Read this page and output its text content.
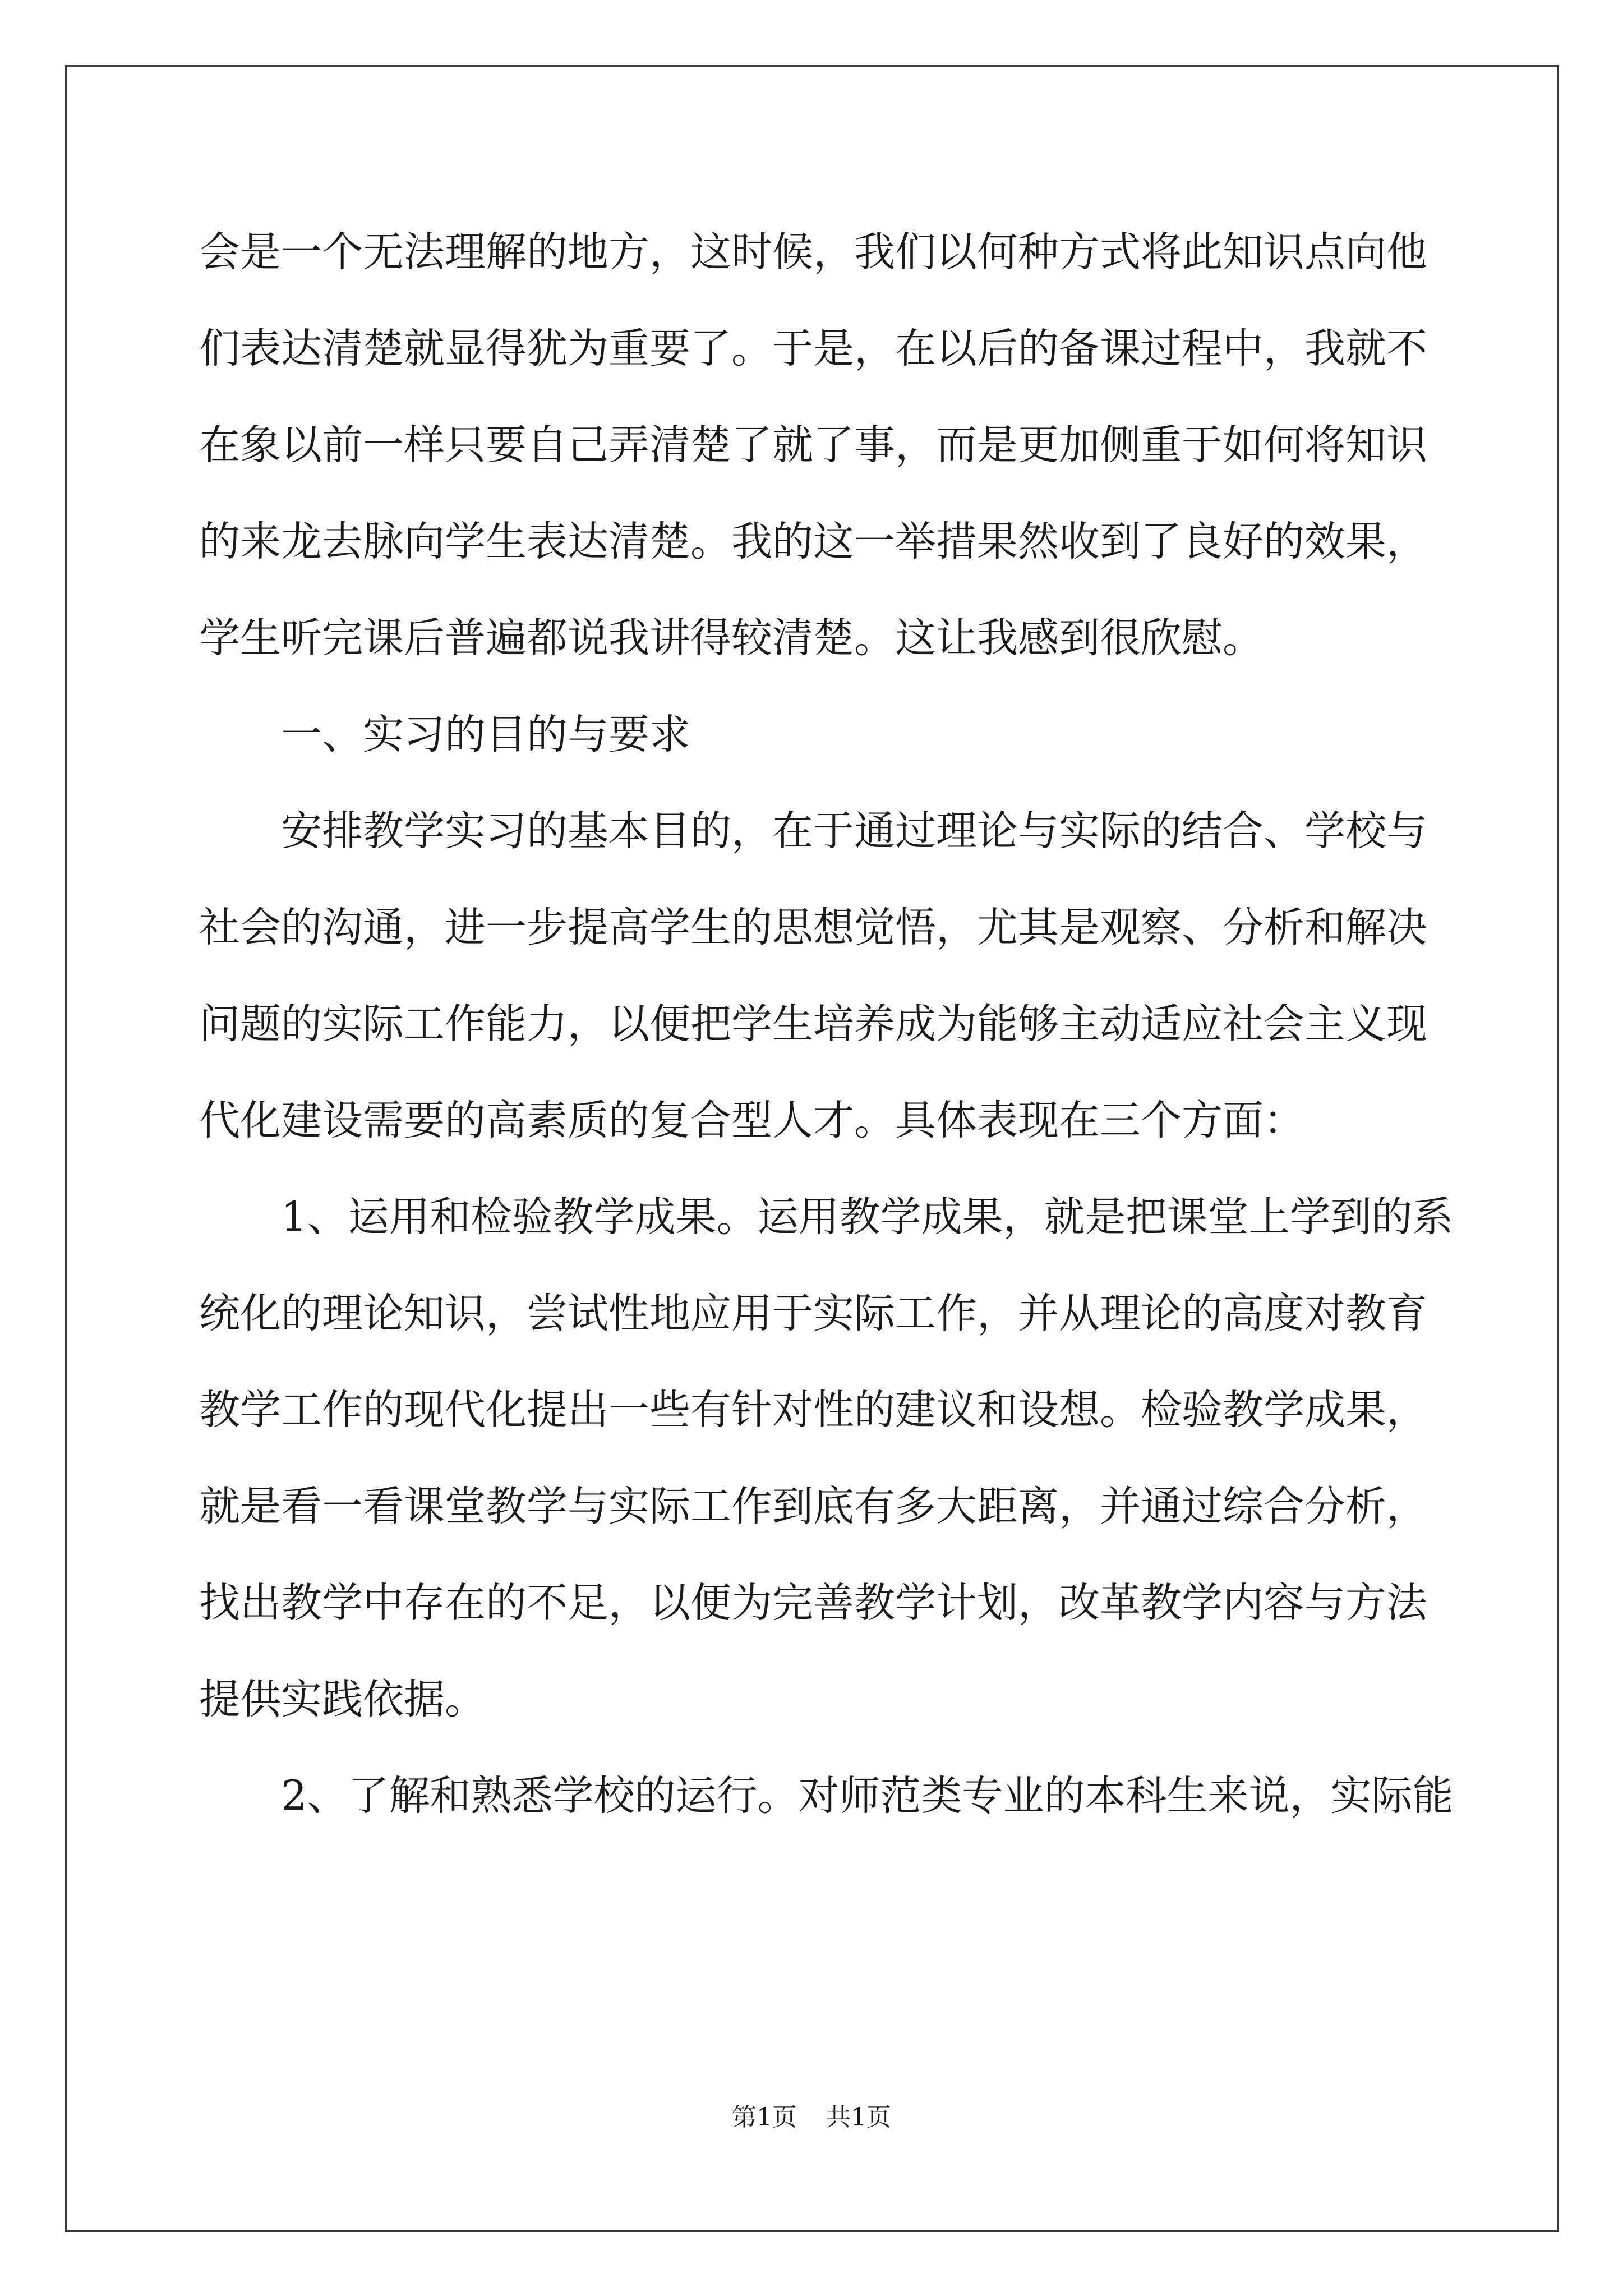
会是一个无法理解的地方，这时候，我们以何种方式将此知识点向他
们表达清楚就显得犹为重要了。于是，在以后的备课过程中，我就不
在象以前一样只要自己弄清楚了就了事，而是更加侧重于如何将知识
的来龙去脉向学生表达清楚。我的这一举措果然收到了良好的效果，
学生听完课后普遍都说我讲得较清楚。这让我感到很欣慰。
一、实习的目的与要求
安排教学实习的基本目的，在于通过理论与实际的结合、学校与
社会的沟通，进一步提高学生的思想觉悟，尤其是观察、分析和解决
问题的实际工作能力，以便把学生培养成为能够主动适应社会主义现
代化建设需要的高素质的复合型人才。具体表现在三个方面：
1、运用和检验教学成果。运用教学成果，就是把课堂上学到的系
统化的理论知识，尝试性地应用于实际工作，并从理论的高度对教育
教学工作的现代化提出一些有针对性的建议和设想。检验教学成果，
就是看一看课堂教学与实际工作到底有多大距离，并通过综合分析，
找出教学中存在的不足，以便为完善教学计划，改革教学内容与方法
提供实践依据。
2、了解和熟悉学校的运行。对师范类专业的本科生来说，实际能
第1页 共1页
